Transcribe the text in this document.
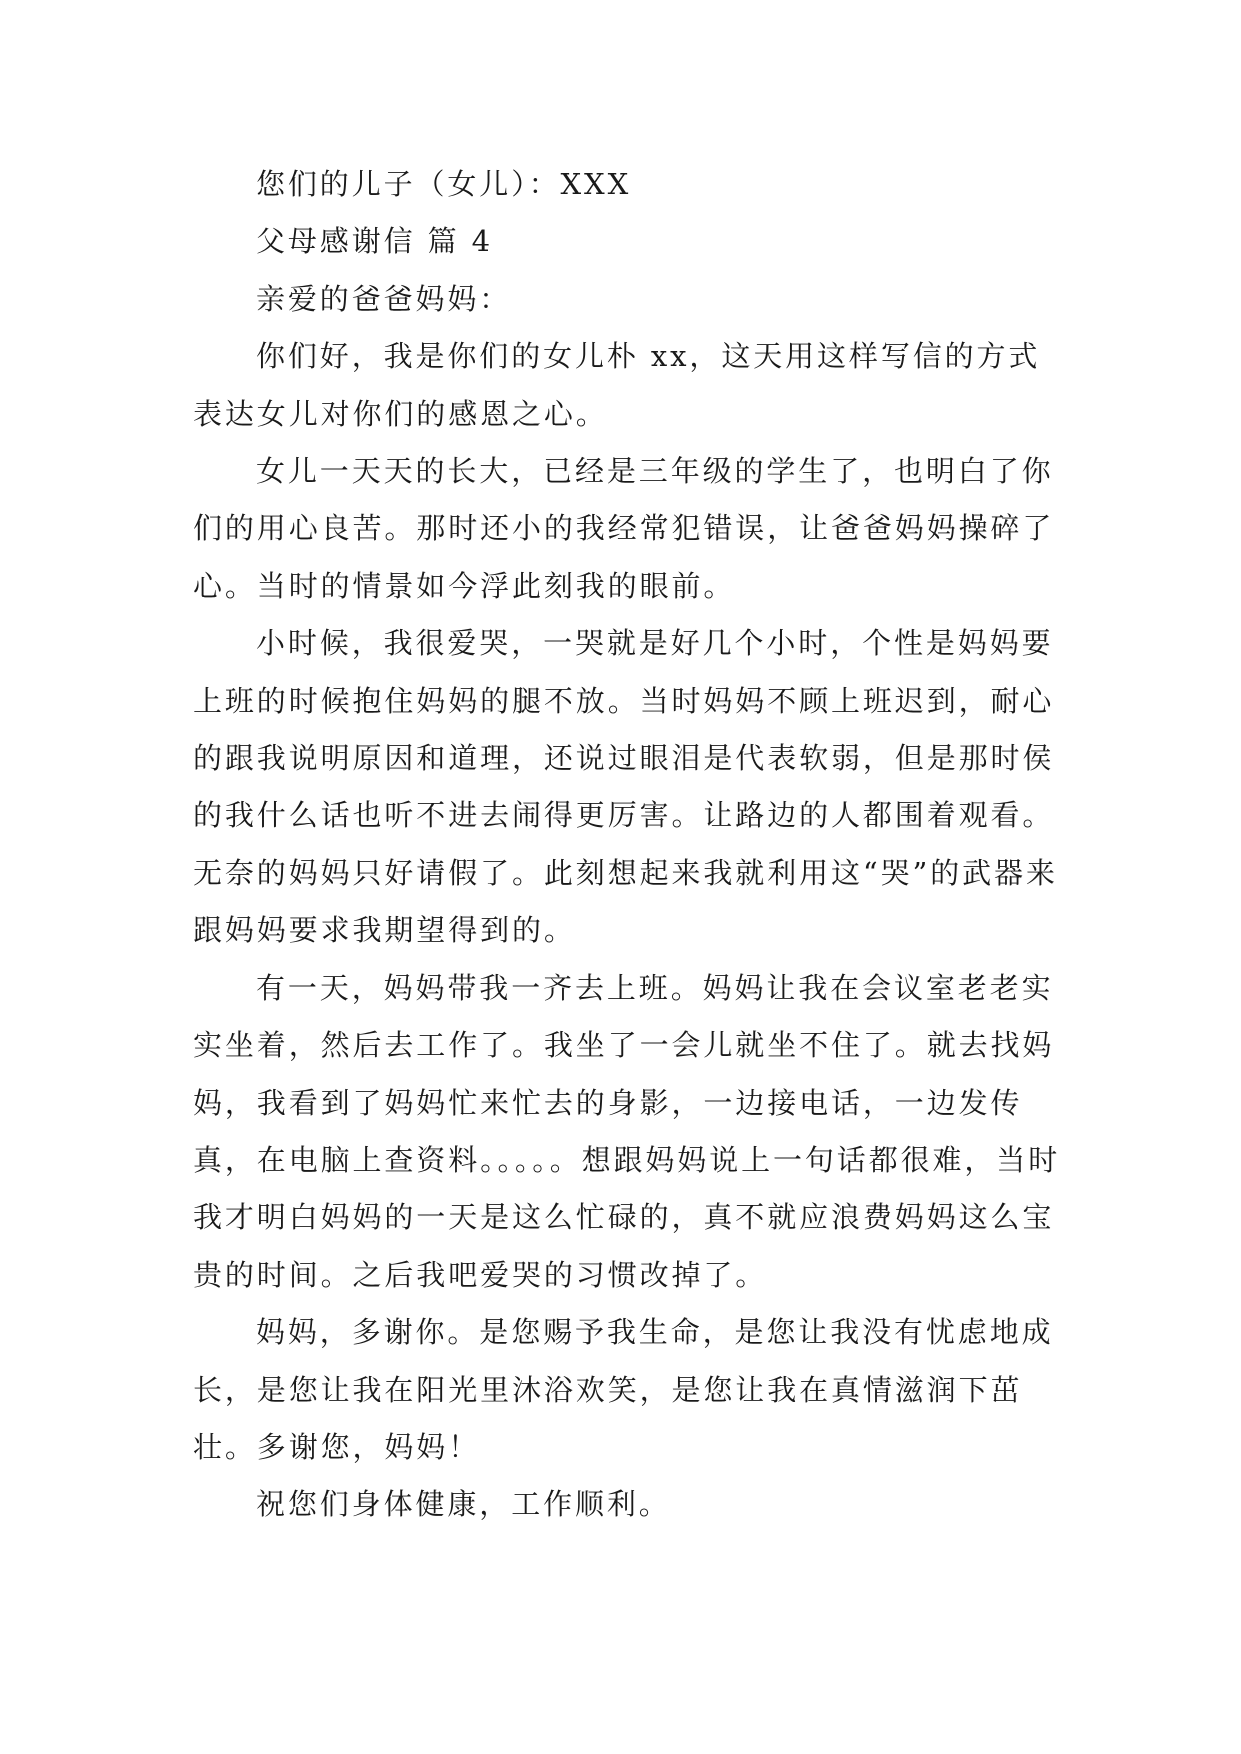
您们的儿子（女儿）：XXX

父母感谢信 篇 4

亲爱的爸爸妈妈：

你们好，我是你们的女儿朴 xx，这天用这样写信的方式表达女儿对你们的感恩之心。

女儿一天天的长大，已经是三年级的学生了，也明白了你们的用心良苦。那时还小的我经常犯错误，让爸爸妈妈操碎了心。当时的情景如今浮此刻我的眼前。

小时候，我很爱哭，一哭就是好几个小时，个性是妈妈要上班的时候抱住妈妈的腿不放。当时妈妈不顾上班迟到，耐心的跟我说明原因和道理，还说过眼泪是代表软弱，但是那时侯的我什么话也听不进去闹得更厉害。让路边的人都围着观看。无奈的妈妈只好请假了。此刻想起来我就利用这“哭”的武器来跟妈妈要求我期望得到的。

有一天，妈妈带我一齐去上班。妈妈让我在会议室老老实实坐着，然后去工作了。我坐了一会儿就坐不住了。就去找妈妈，我看到了妈妈忙来忙去的身影，一边接电话，一边发传真，在电脑上查资料。。。。。想跟妈妈说上一句话都很难，当时我才明白妈妈的一天是这么忙碌的，真不就应浪费妈妈这么宝贵的时间。之后我吧爱哭的习惯改掉了。

妈妈，多谢你。是您赐予我生命，是您让我没有忧虑地成长，是您让我在阳光里沐浴欢笑，是您让我在真情滋润下茁壮。多谢您，妈妈！

祝您们身体健康，工作顺利。
